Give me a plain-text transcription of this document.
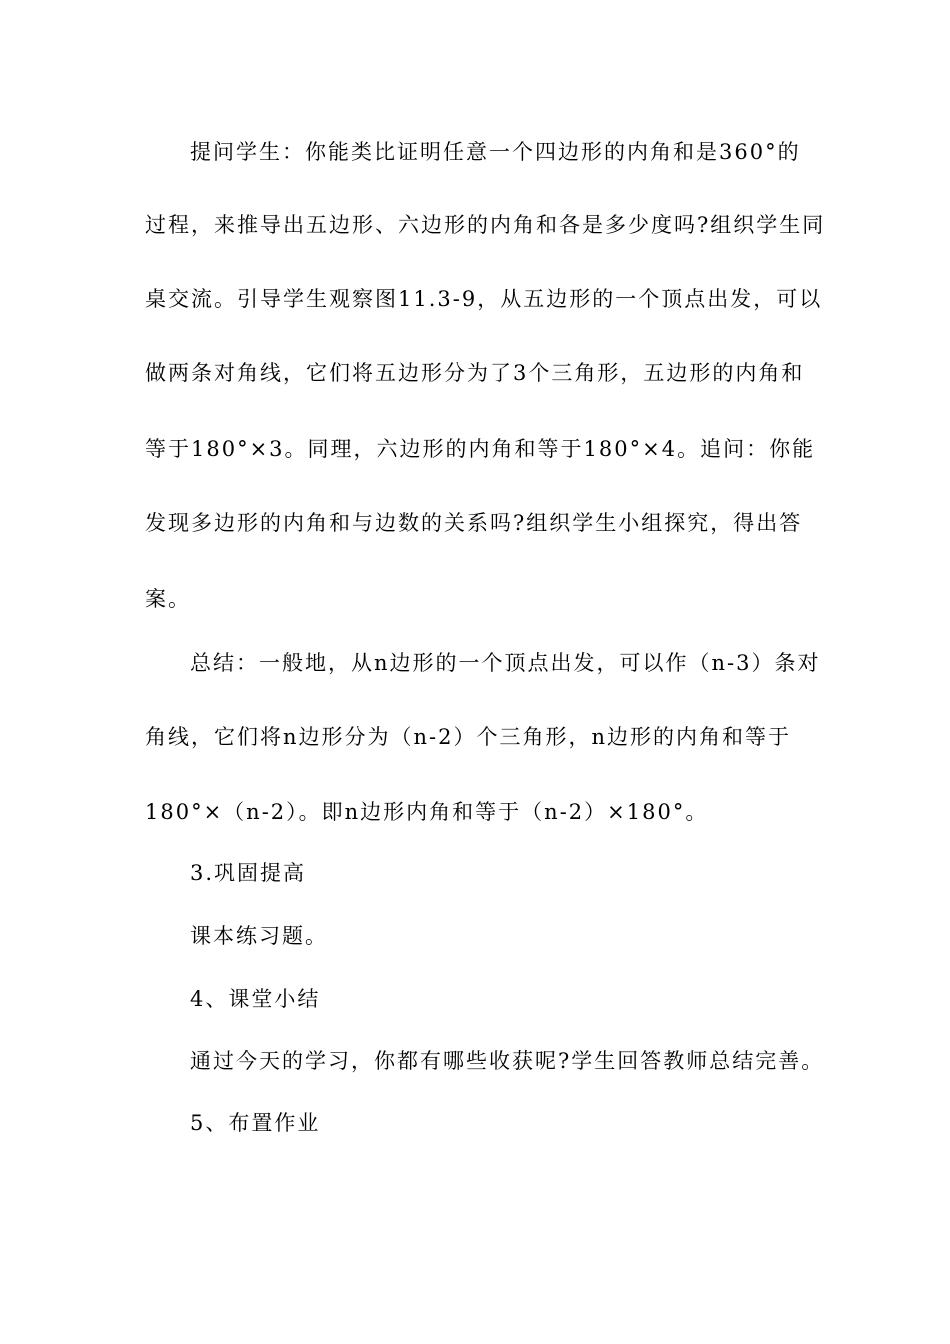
提问学生：你能类比证明任意一个四边形的内角和是360°的
过程，来推导出五边形、六边形的内角和各是多少度吗?组织学生同
桌交流。引导学生观察图11.3-9，从五边形的一个顶点出发，可以
做两条对角线，它们将五边形分为了3个三角形，五边形的内角和
等于180°×3。同理，六边形的内角和等于180°×4。追问：你能
发现多边形的内角和与边数的关系吗?组织学生小组探究，得出答
案。
总结：一般地，从n边形的一个顶点出发，可以作（n-3）条对
角线，它们将n边形分为（n-2）个三角形，n边形的内角和等于
180°×（n-2）。即n边形内角和等于（n-2）×180°。
3.巩固提高
课本练习题。
4、课堂小结
通过今天的学习，你都有哪些收获呢?学生回答教师总结完善。
5、布置作业
